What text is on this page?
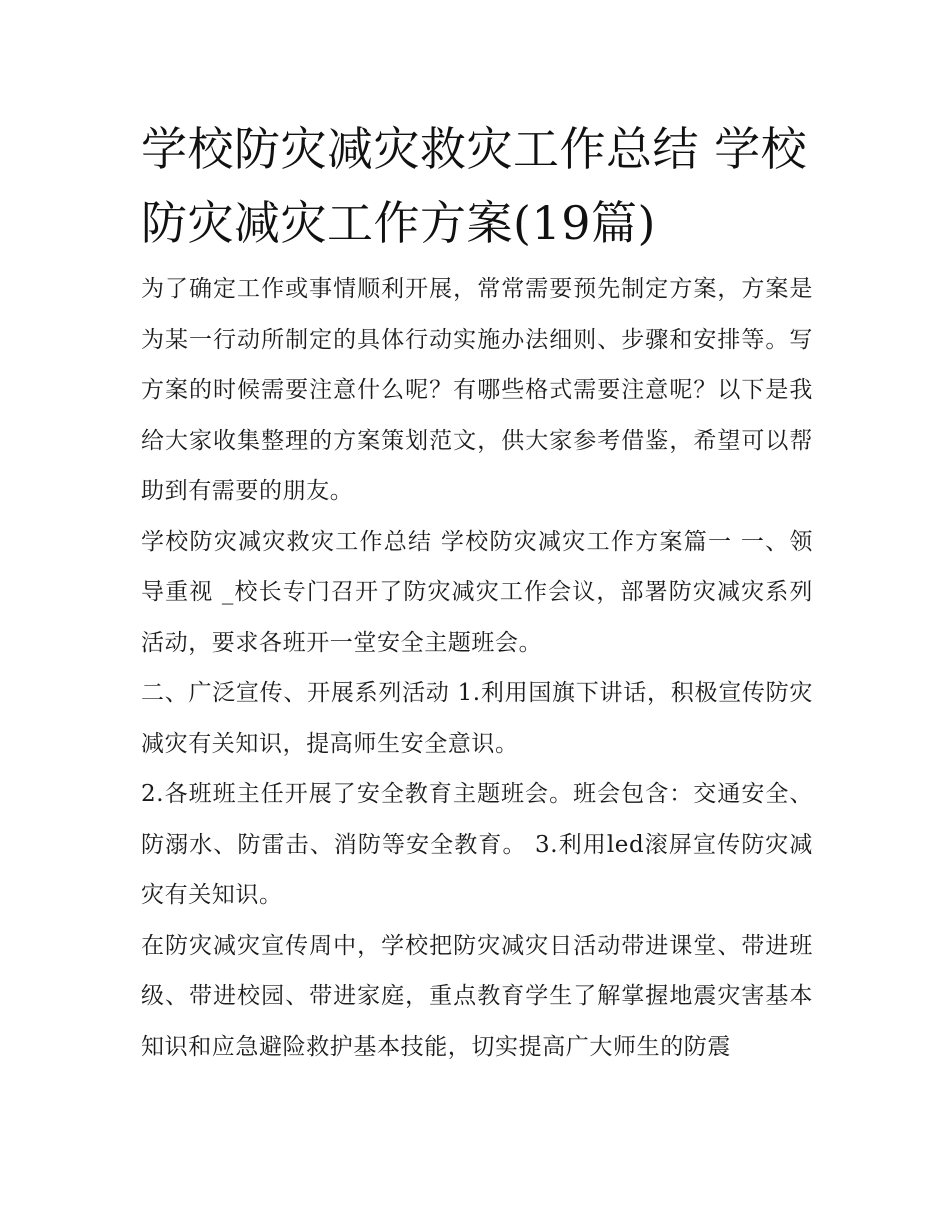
学校防灾减灾救灾工作总结 学校防灾减灾工作方案(19篇)

为了确定工作或事情顺利开展，常常需要预先制定方案，方案是为某一行动所制定的具体行动实施办法细则、步骤和安排等。写方案的时候需要注意什么呢？有哪些格式需要注意呢？以下是我给大家收集整理的方案策划范文，供大家参考借鉴，希望可以帮助到有需要的朋友。

学校防灾减灾救灾工作总结 学校防灾减灾工作方案篇一 一、领导重视 _校长专门召开了防灾减灾工作会议，部署防灾减灾系列活动，要求各班开一堂安全主题班会。

二、广泛宣传、开展系列活动 1.利用国旗下讲话，积极宣传防灾减灾有关知识，提高师生安全意识。

2.各班班主任开展了安全教育主题班会。班会包含：交通安全、防溺水、防雷击、消防等安全教育。 3.利用led滚屏宣传防灾减灾有关知识。

在防灾减灾宣传周中，学校把防灾减灾日活动带进课堂、带进班级、带进校园、带进家庭，重点教育学生了解掌握地震灾害基本知识和应急避险救护基本技能，切实提高广大师生的防震
